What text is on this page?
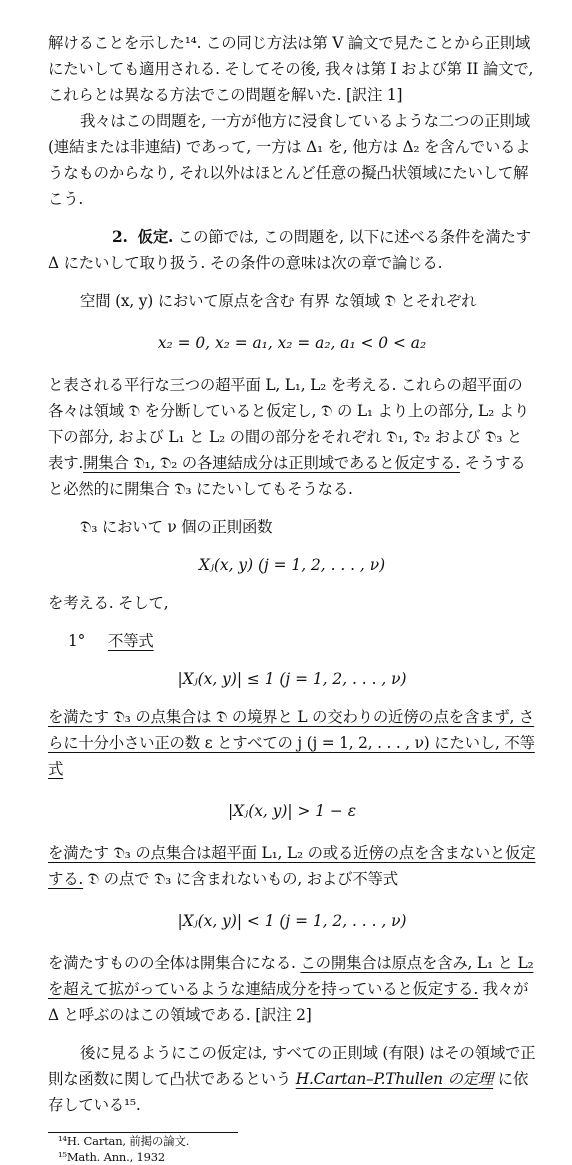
解けることを示した¹⁴. この同じ方法は第 V 論文で見たことから正則域にたいしても適用される. そしてその後, 我々は第 I および第 II 論文で, これらとは異なる方法でこの問題を解いた. [訳注 1]

我々はこの問題を, 一方が他方に浸食しているような二つの正則域 (連結または非連結) であって, 一方は Δ₁ を, 他方は Δ₂ を含んでいるようなものからなり, それ以外はほとんど任意の擬凸状領域にたいして解こう.

2. 仮定. この節では, この問題を, 以下に述べる条件を満たす Δ にたいして取り扱う. その条件の意味は次の章で論じる.

空間 (x, y) において原点を含む 有界 な領域 𝔇 とそれぞれ

x₂ = 0, x₂ = a₁, x₂ = a₂, a₁ < 0 < a₂

と表される平行な三つの超平面 L, L₁, L₂ を考える. これらの超平面の各々は領域 𝔇 を分断していると仮定し, 𝔇 の L₁ より上の部分, L₂ より下の部分, および L₁ と L₂ の間の部分をそれぞれ 𝔇₁, 𝔇₂ および 𝔇₃ と表す.開集合 𝔇₁, 𝔇₂ の各連結成分は正則域であると仮定する. そうすると必然的に開集合 𝔇₃ にたいしてもそうなる.

𝔇₃ において ν 個の正則函数

Xⱼ(x, y) (j = 1, 2, . . . , ν)

を考える. そして,

1° 不等式

|Xⱼ(x, y)| ≤ 1 (j = 1, 2, . . . , ν)

を満たす 𝔇₃ の点集合は 𝔇 の境界と L の交わりの近傍の点を含まず, さらに十分小さい正の数 ε とすべての j (j = 1, 2, . . . , ν) にたいし, 不等式

|Xⱼ(x, y)| > 1 − ε

を満たす 𝔇₃ の点集合は超平面 L₁, L₂ の或る近傍の点を含まないと仮定する. 𝔇 の点で 𝔇₃ に含まれないもの, および不等式

|Xⱼ(x, y)| < 1 (j = 1, 2, . . . , ν)

を満たすものの全体は開集合になる. この開集合は原点を含み, L₁ と L₂ を超えて拡がっているような連結成分を持っていると仮定する. 我々が Δ と呼ぶのはこの領域である. [訳注 2]

後に見るようにこの仮定は, すべての正則域 (有限) はその領域で正則な函数に関して凸状であるという H.Cartan–P.Thullen の定理 に依存している¹⁵.

¹⁴H. Cartan, 前掲の論文.

¹⁵Math. Ann., 1932
